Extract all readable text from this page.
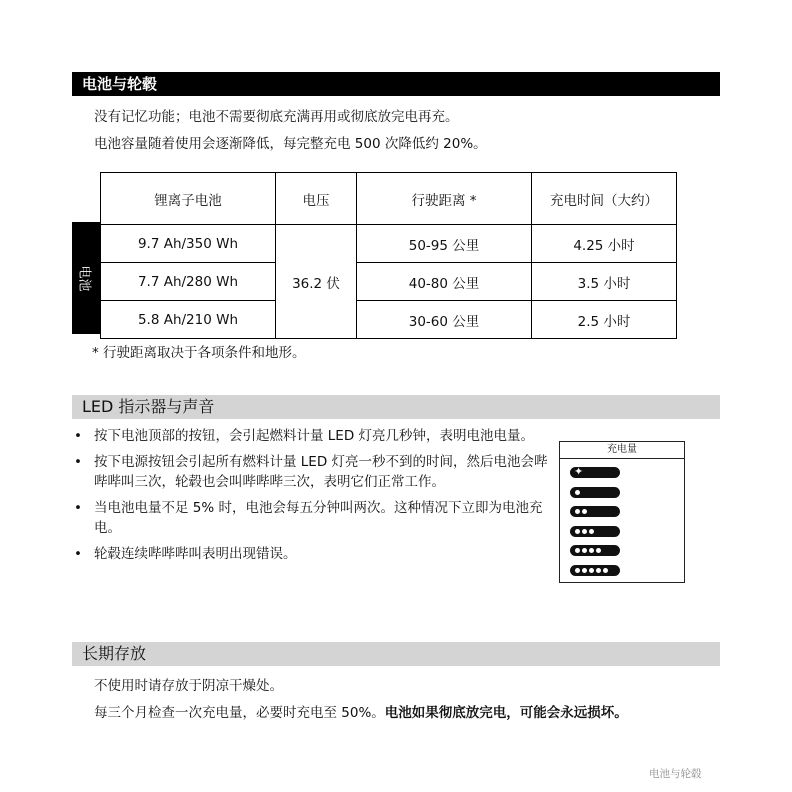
电池与轮毂
没有记忆功能；电池不需要彻底充满再用或彻底放完电再充。
电池容量随着使用会逐渐降低，每完整充电 500 次降低约 20%。
电池
锂离子电池	电压	行驶距离 *	充电时间（大约）
9.7 Ah/350 Wh	36.2 伏	50-95 公里	4.25 小时
7.7 Ah/280 Wh		40-80 公里	3.5 小时
5.8 Ah/210 Wh		30-60 公里	2.5 小时
* 行驶距离取决于各项条件和地形。
LED 指示器与声音
• 按下电池顶部的按钮，会引起燃料计量 LED 灯亮几秒钟，表明电池电量。
• 按下电源按钮会引起所有燃料计量 LED 灯亮一秒不到的时间，然后电池会哔哔哔叫三次，轮毂也会叫哔哔哔三次，表明它们正常工作。
• 当电池电量不足 5% 时，电池会每五分钟叫两次。这种情况下立即为电池充电。
• 轮毂连续哔哔哔叫表明出现错误。
充电量
✦
长期存放
不使用时请存放于阴凉干燥处。
每三个月检查一次充电量，必要时充电至 50%。电池如果彻底放完电，可能会永远损坏。
电池与轮毂
